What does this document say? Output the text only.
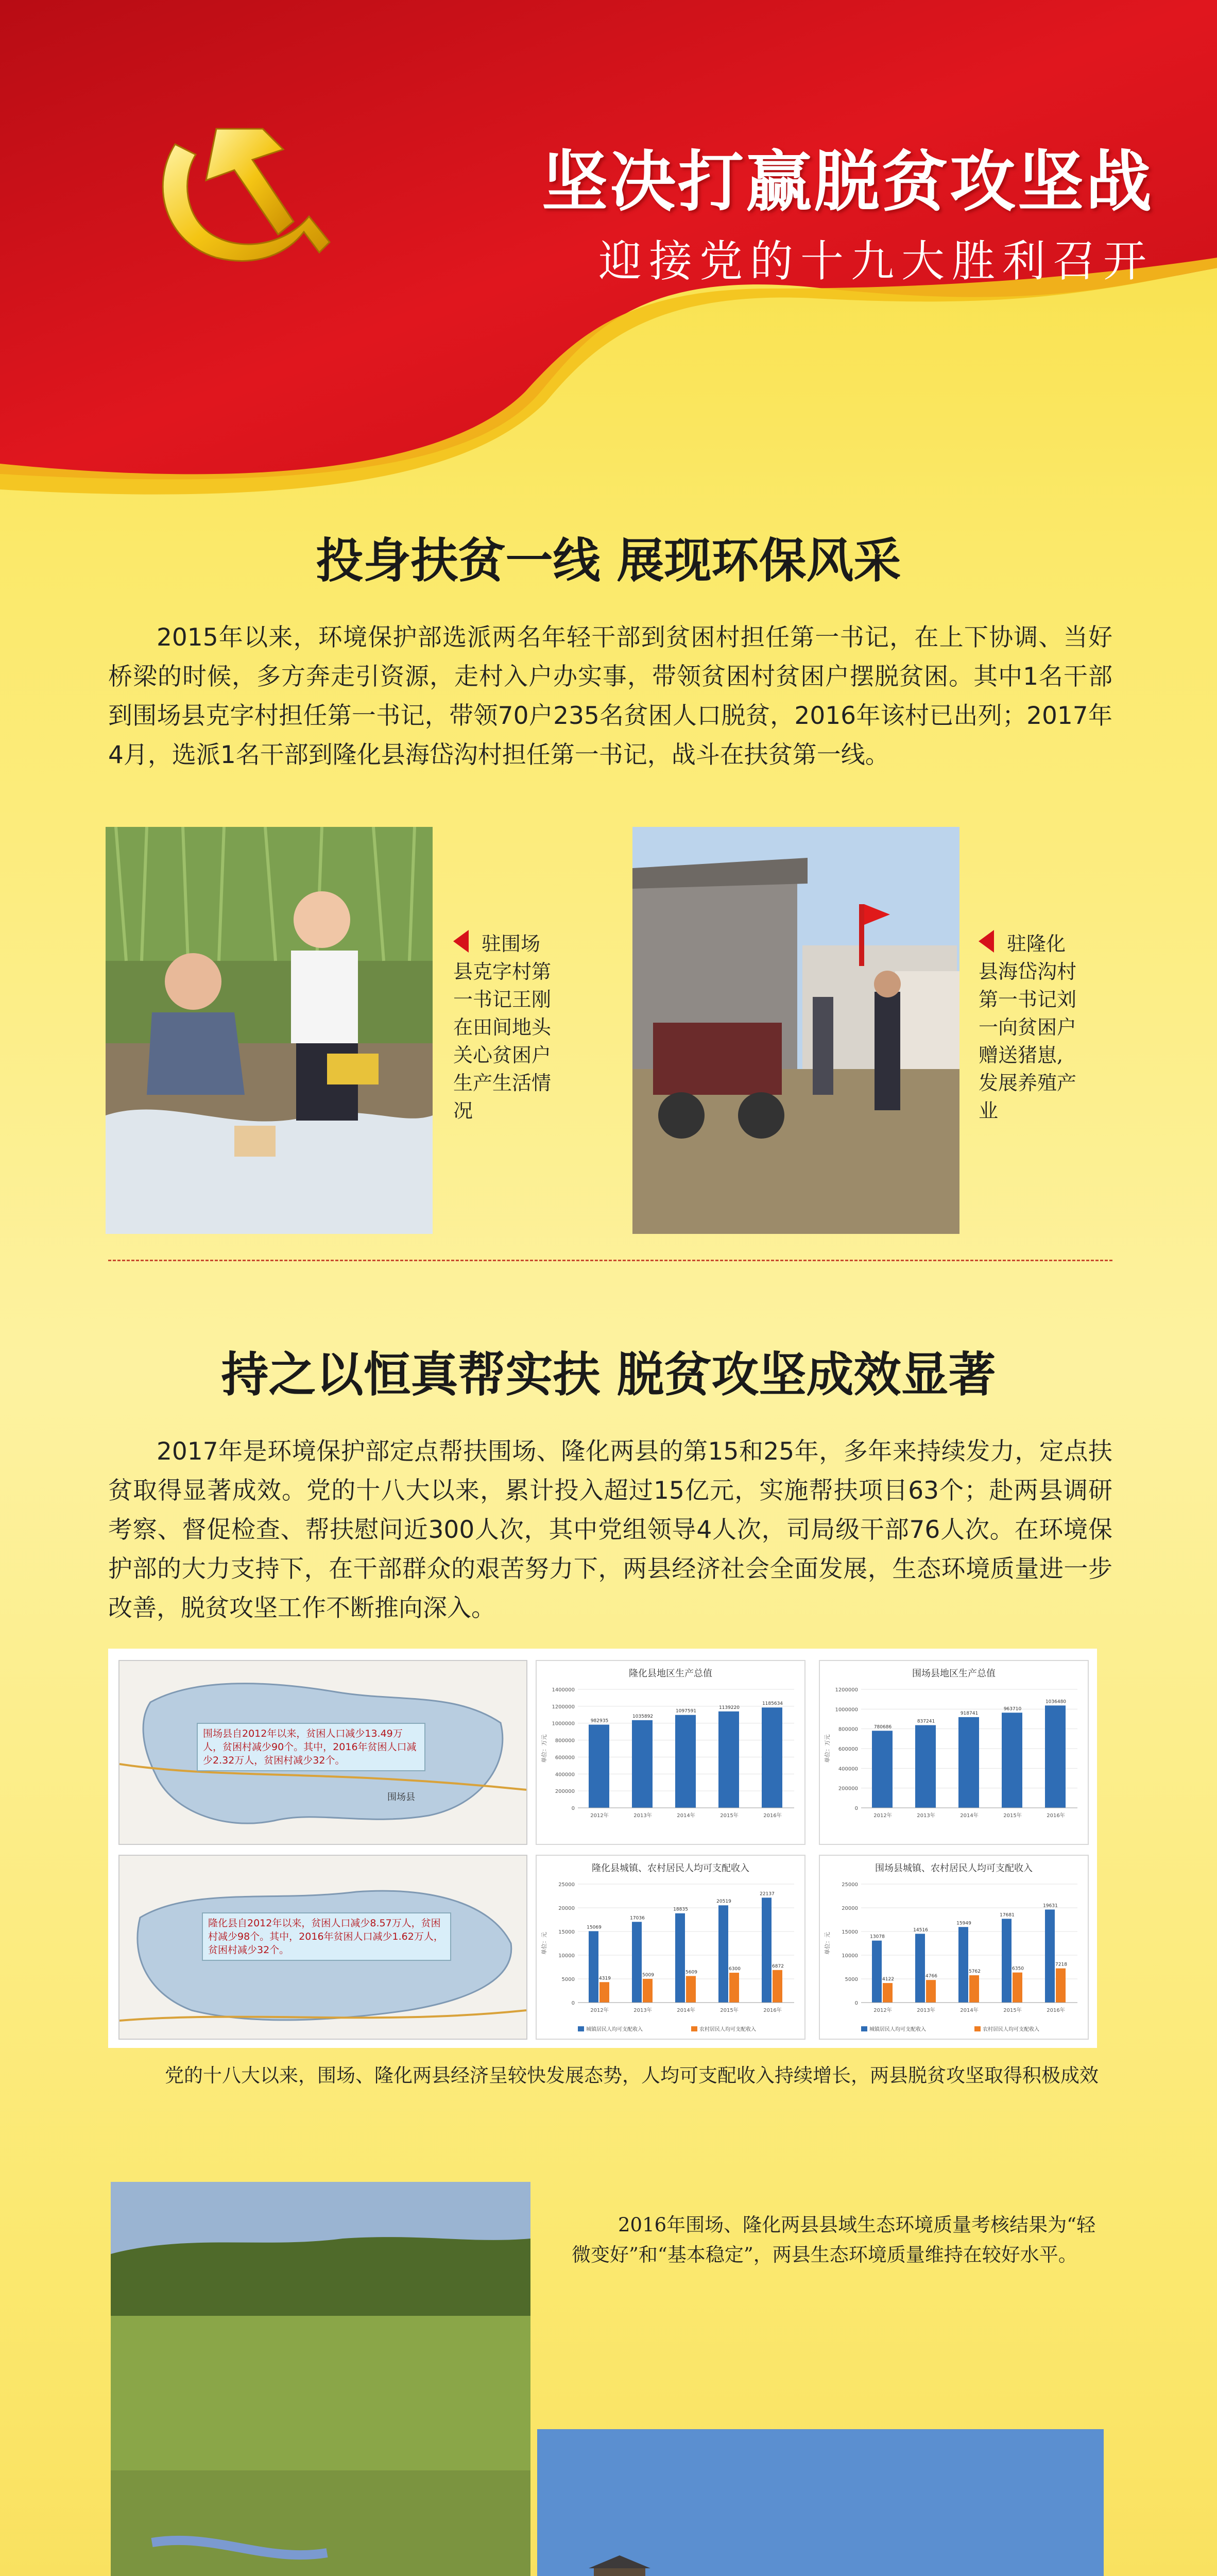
坚决打赢脱贫攻坚战
迎接党的十九大胜利召开
投身扶贫一线 展现环保风采
2015年以来，环境保护部选派两名年轻干部到贫困村担任第一书记，在上下协调、当好桥梁的时候，多方奔走引资源，走村入户办实事，带领贫困村贫困户摆脱贫困。其中1名干部到围场县克字村担任第一书记，带领70户235名贫困人口脱贫，2016年该村已出列；2017年4月，选派1名干部到隆化县海岱沟村担任第一书记，战斗在扶贫第一线。
驻围场
县克字村第
一书记王刚
在田间地头
关心贫困户
生产生活情
况
驻隆化
县海岱沟村
第一书记刘
一向贫困户
赠送猪崽,
发展养殖产
业
持之以恒真帮实扶 脱贫攻坚成效显著
2017年是环境保护部定点帮扶围场、隆化两县的第15和25年，多年来持续发力，定点扶贫取得显著成效。党的十八大以来，累计投入超过15亿元，实施帮扶项目63个；赴两县调研考察、督促检查、帮扶慰问近300人次，其中党组领导4人次，司局级干部76人次。在环境保护部的大力支持下，在干部群众的艰苦努力下，两县经济社会全面发展，生态环境质量进一步改善，脱贫攻坚工作不断推向深入。
围场县自2012年以来，贫困人口减少13.49万人，贫困村减少90个。其中，2016年贫困人口减少2.32万人，贫困村减少32个。
围场县
隆化县自2012年以来，贫困人口减少8.57万人，贫困村减少98个。其中，2016年贫困人口减少1.62万人，贫困村减少32个。
隆化县地区生产总值
单位：万元
0
200000
400000
600000
800000
1000000
1200000
1400000
2012年
982935
2013年
1035892
2014年
1097591
2015年
1139220
2016年
1185634
围场县地区生产总值
单位：万元
0
200000
400000
600000
800000
1000000
1200000
2012年
780686
2013年
837241
2014年
918741
2015年
963710
2016年
1036480
隆化县城镇、农村居民人均可支配收入
单位：元
0
5000
10000
15000
20000
25000
2012年
15069
4319
2013年
17036
5009
2014年
18835
5609
2015年
20519
6300
2016年
22137
6872
城镇居民人均可支配收入	农村居民人均可支配收入
围场县城镇、农村居民人均可支配收入
单位：元
0
5000
10000
15000
20000
25000
2012年
13078
4122
2013年
14516
4766
2014年
15949
5762
2015年
17681
6350
2016年
19631
7218
城镇居民人均可支配收入	农村居民人均可支配收入
党的十八大以来，围场、隆化两县经济呈较快发展态势，人均可支配收入持续增长，两县脱贫攻坚取得积极成效
2016年围场、隆化两县县域生态环境质量考核结果为“轻微变好”和“基本稳定”，两县生态环境质量维持在较好水平。
